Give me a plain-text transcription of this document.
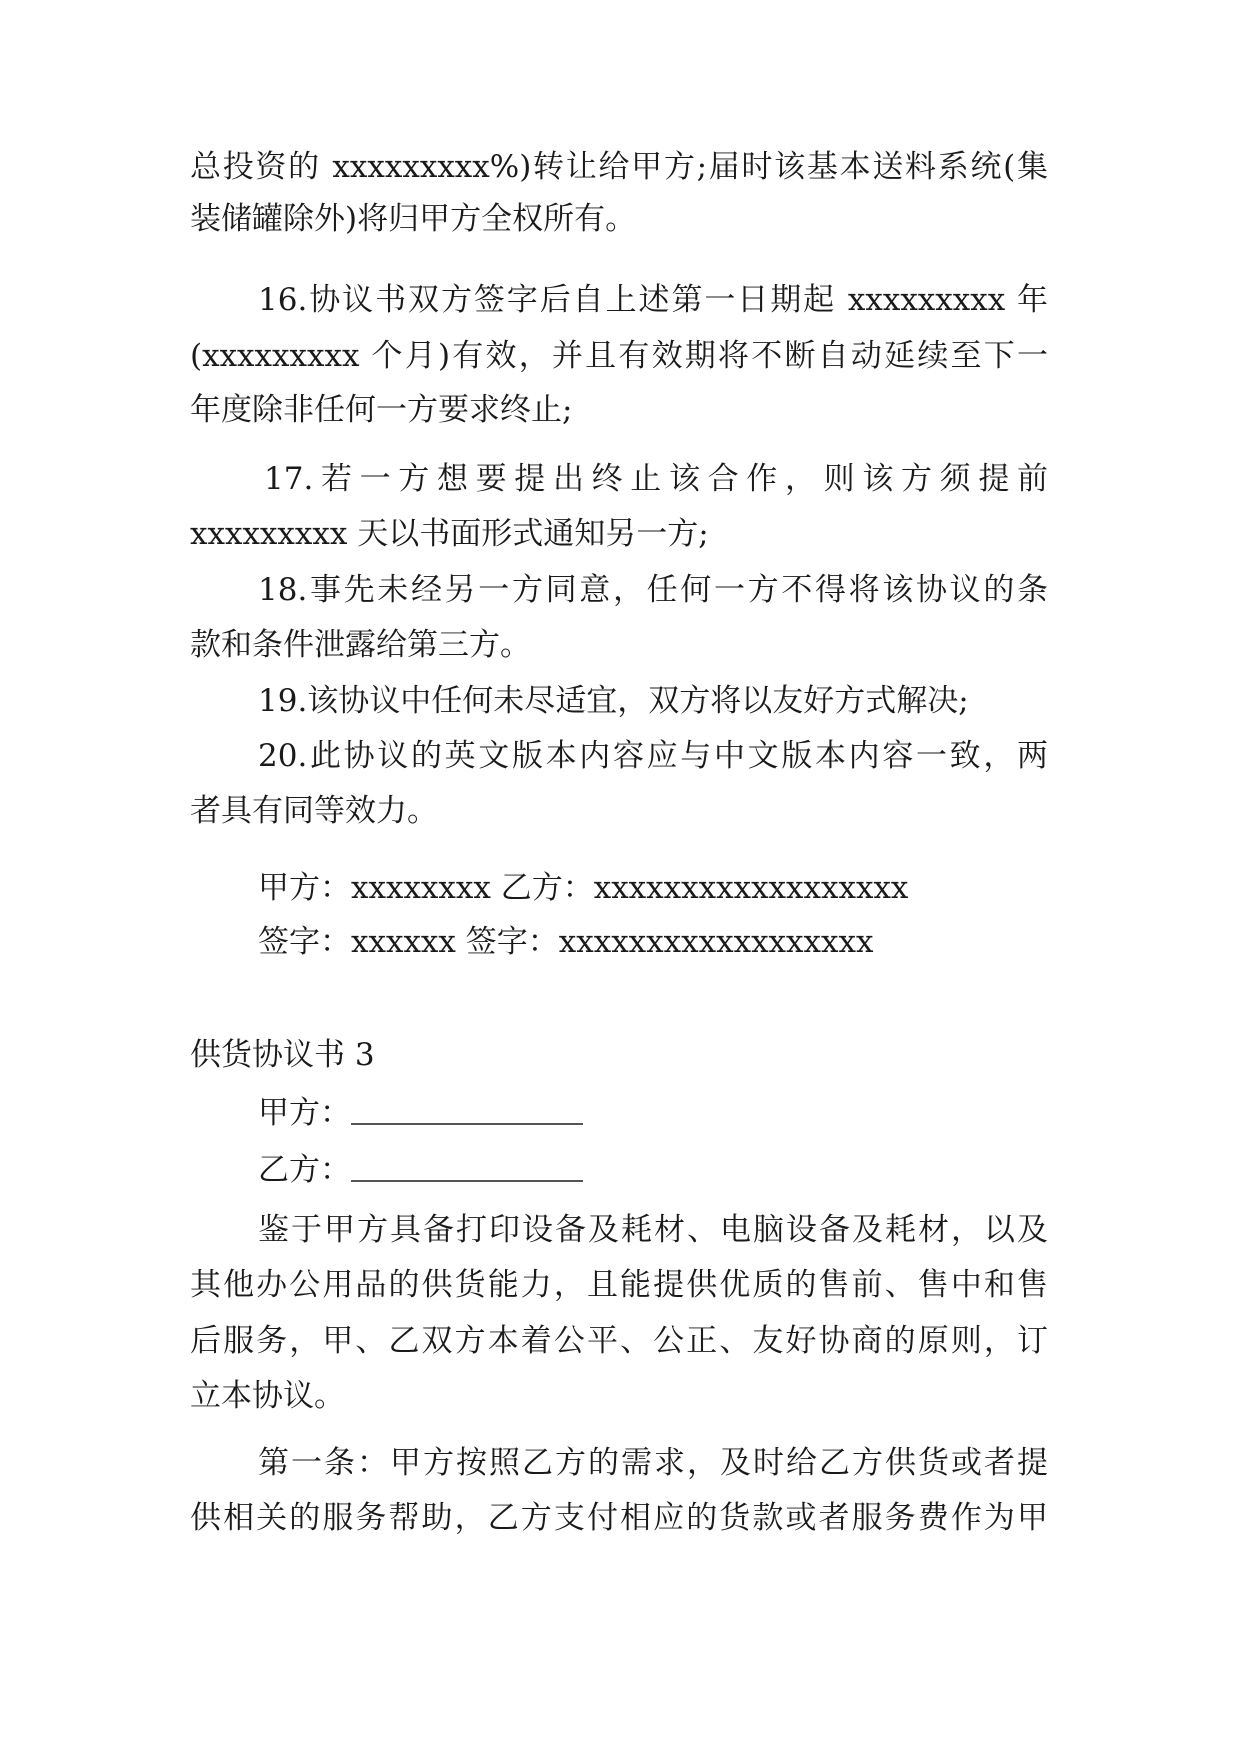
总投资的 xxxxxxxxx%)转让给甲方;届时该基本送料系统(集
装储罐除外)将归甲方全权所有。
16.协议书双方签字后自上述第一日期起 xxxxxxxxx 年
(xxxxxxxxx 个月)有效，并且有效期将不断自动延续至下一
年度除非任何一方要求终止;
17.若一方想要提出终止该合作，则该方须提前
xxxxxxxxx 天以书面形式通知另一方;
18.事先未经另一方同意，任何一方不得将该协议的条
款和条件泄露给第三方。
19.该协议中任何未尽适宜，双方将以友好方式解决;
20.此协议的英文版本内容应与中文版本内容一致，两
者具有同等效力。
甲方：xxxxxxxx 乙方：xxxxxxxxxxxxxxxxxx
签字：xxxxxx 签字：xxxxxxxxxxxxxxxxxx
供货协议书 3
甲方：
乙方：
鉴于甲方具备打印设备及耗材、电脑设备及耗材，以及
其他办公用品的供货能力，且能提供优质的售前、售中和售
后服务，甲、乙双方本着公平、公正、友好协商的原则，订
立本协议。
第一条：甲方按照乙方的需求，及时给乙方供货或者提
供相关的服务帮助，乙方支付相应的货款或者服务费作为甲
